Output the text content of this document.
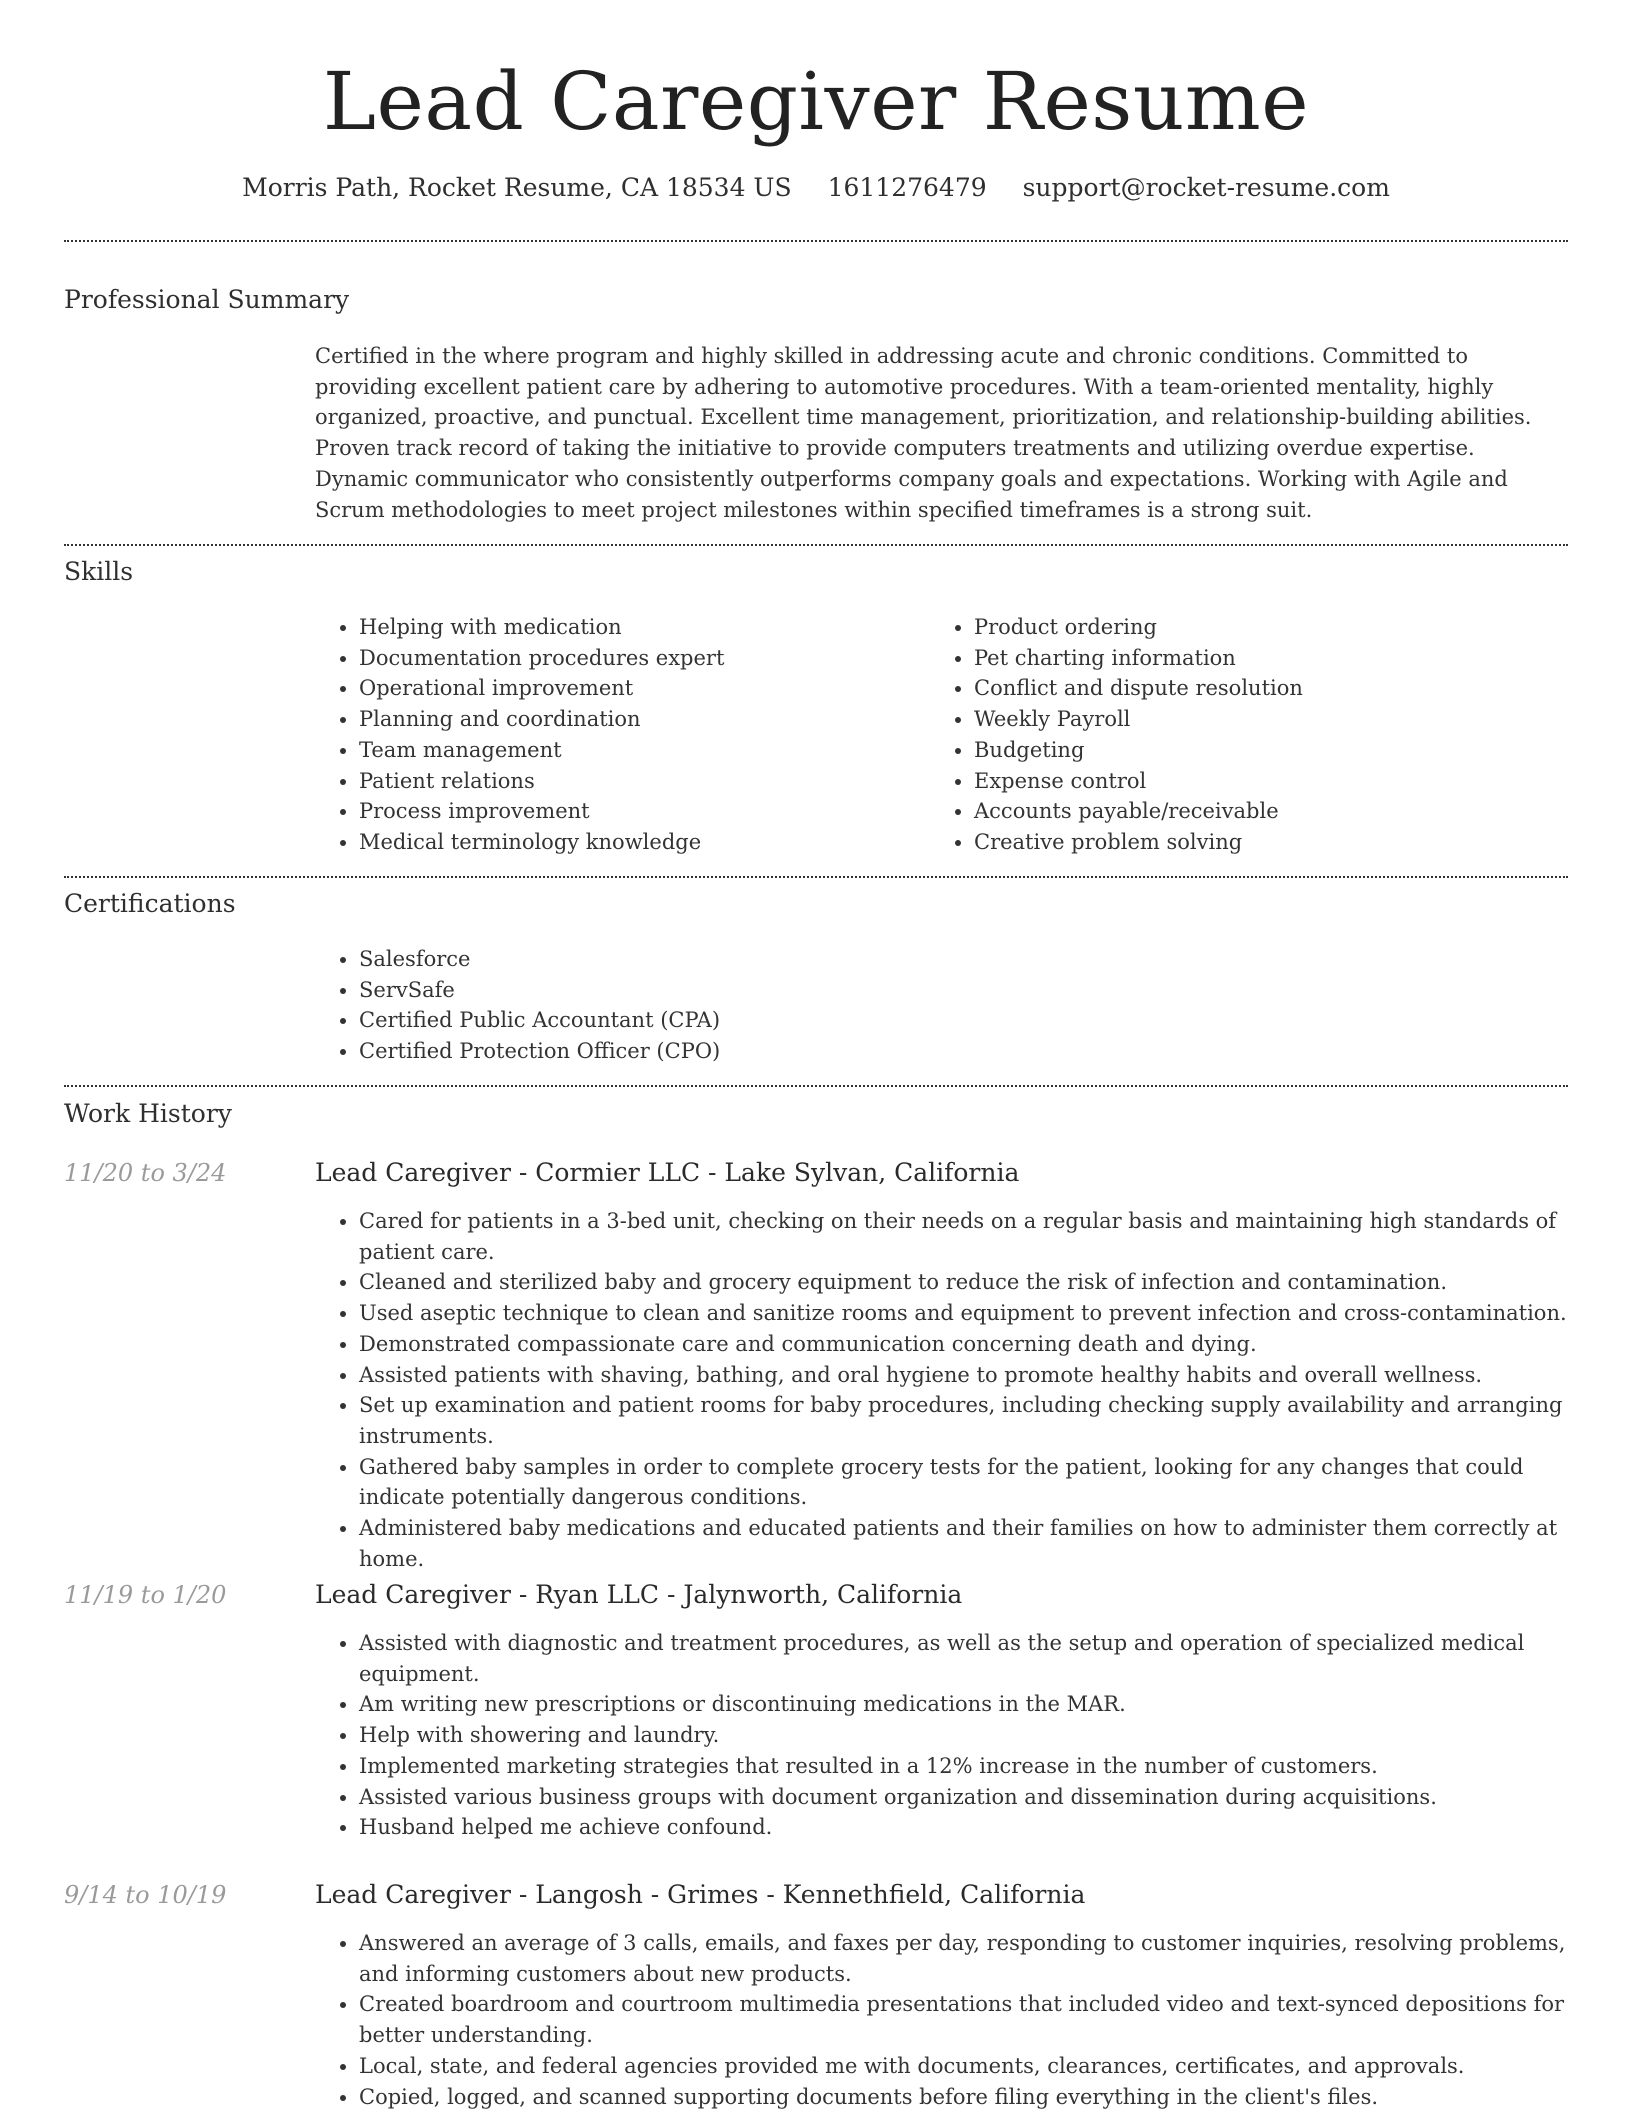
Lead Caregiver Resume
Morris Path, Rocket Resume, CA 18534 US 1611276479 support@rocket-resume.com
Professional Summary
Certified in the where program and highly skilled in addressing acute and chronic conditions. Committed to providing excellent patient care by adhering to automotive procedures. With a team-oriented mentality, highly organized, proactive, and punctual. Excellent time management, prioritization, and relationship-building abilities. Proven track record of taking the initiative to provide computers treatments and utilizing overdue expertise. Dynamic communicator who consistently outperforms company goals and expectations. Working with Agile and Scrum methodologies to meet project milestones within specified timeframes is a strong suit.
Skills
• Helping with medication
• Documentation procedures expert
• Operational improvement
• Planning and coordination
• Team management
• Patient relations
• Process improvement
• Medical terminology knowledge
• Product ordering
• Pet charting information
• Conflict and dispute resolution
• Weekly Payroll
• Budgeting
• Expense control
• Accounts payable/receivable
• Creative problem solving
Certifications
• Salesforce
• ServSafe
• Certified Public Accountant (CPA)
• Certified Protection Officer (CPO)
Work History
11/20 to 3/24	Lead Caregiver - Cormier LLC - Lake Sylvan, California
• Cared for patients in a 3-bed unit, checking on their needs on a regular basis and maintaining high standards of patient care.
• Cleaned and sterilized baby and grocery equipment to reduce the risk of infection and contamination.
• Used aseptic technique to clean and sanitize rooms and equipment to prevent infection and cross-contamination.
• Demonstrated compassionate care and communication concerning death and dying.
• Assisted patients with shaving, bathing, and oral hygiene to promote healthy habits and overall wellness.
• Set up examination and patient rooms for baby procedures, including checking supply availability and arranging instruments.
• Gathered baby samples in order to complete grocery tests for the patient, looking for any changes that could indicate potentially dangerous conditions.
• Administered baby medications and educated patients and their families on how to administer them correctly at home.
11/19 to 1/20	Lead Caregiver - Ryan LLC - Jalynworth, California
• Assisted with diagnostic and treatment procedures, as well as the setup and operation of specialized medical equipment.
• Am writing new prescriptions or discontinuing medications in the MAR.
• Help with showering and laundry.
• Implemented marketing strategies that resulted in a 12% increase in the number of customers.
• Assisted various business groups with document organization and dissemination during acquisitions.
• Husband helped me achieve confound.
9/14 to 10/19	Lead Caregiver - Langosh - Grimes - Kennethfield, California
• Answered an average of 3 calls, emails, and faxes per day, responding to customer inquiries, resolving problems, and informing customers about new products.
• Created boardroom and courtroom multimedia presentations that included video and text-synced depositions for better understanding.
• Local, state, and federal agencies provided me with documents, clearances, certificates, and approvals.
• Copied, logged, and scanned supporting documents before filing everything in the client's files.
